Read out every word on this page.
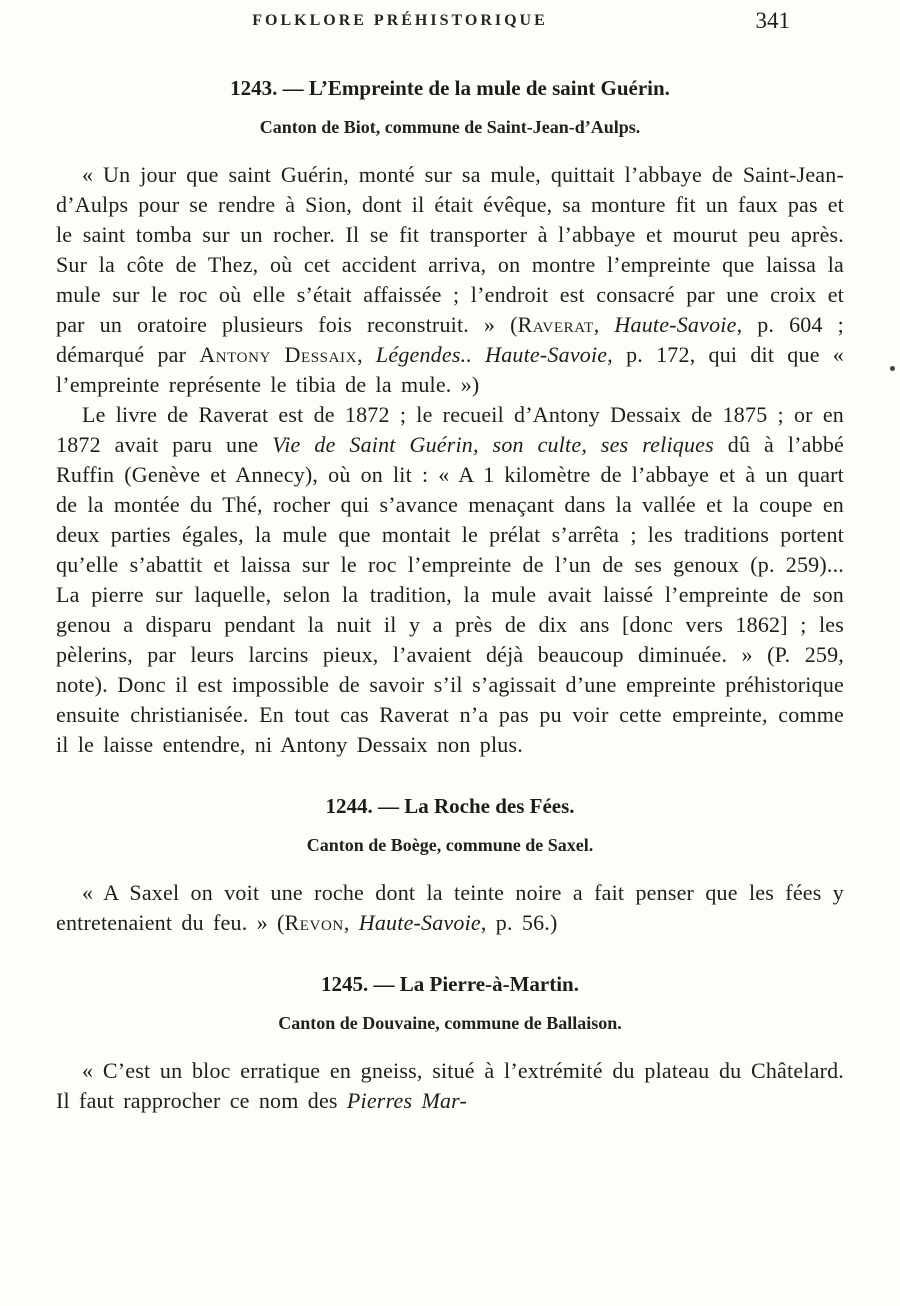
FOLKLORE PRÉHISTORIQUE	341
1243. — L’Empreinte de la mule de saint Guérin.
Canton de Biot, commune de Saint-Jean-d’Aulps.

« Un jour que saint Guérin, monté sur sa mule, quittait l’abbaye de Saint-Jean-d’Aulps pour se rendre à Sion, dont il était évêque, sa monture fit un faux pas et le saint tomba sur un rocher. Il se fit transporter à l’abbaye et mourut peu après. Sur la côte de Thez, où cet accident arriva, on montre l’empreinte que laissa la mule sur le roc où elle s’était affaissée ; l’endroit est consacré par une croix et par un oratoire plusieurs fois reconstruit. » (Raverat, Haute-Savoie, p. 604 ; démarqué par Antony Dessaix, Légendes.. Haute-Savoie, p. 172, qui dit que « l’empreinte représente le tibia de la mule. »)

Le livre de Raverat est de 1872 ; le recueil d’Antony Dessaix de 1875 ; or en 1872 avait paru une Vie de Saint Guérin, son culte, ses reliques dû à l’abbé Ruffin (Genève et Annecy), où on lit : « A 1 kilomètre de l’abbaye et à un quart de la montée du Thé, rocher qui s’avance menaçant dans la vallée et la coupe en deux parties égales, la mule que montait le prélat s’arrêta ; les traditions portent qu’elle s’abattit et laissa sur le roc l’empreinte de l’un de ses genoux (p. 259)... La pierre sur laquelle, selon la tradition, la mule avait laissé l’empreinte de son genou a disparu pendant la nuit il y a près de dix ans [donc vers 1862] ; les pèlerins, par leurs larcins pieux, l’avaient déjà beaucoup diminuée. » (P. 259, note). Donc il est impossible de savoir s’il s’agissait d’une empreinte préhistorique ensuite christianisée. En tout cas Raverat n’a pas pu voir cette empreinte, comme il le laisse entendre, ni Antony Dessaix non plus.

1244. — La Roche des Fées.
Canton de Boège, commune de Saxel.

« A Saxel on voit une roche dont la teinte noire a fait penser que les fées y entretenaient du feu. » (Revon, Haute-Savoie, p. 56.)

1245. — La Pierre-à-Martin.
Canton de Douvaine, commune de Ballaison.

« C’est un bloc erratique en gneiss, situé à l’extrémité du plateau du Châtelard. Il faut rapprocher ce nom des Pierres Mar-
